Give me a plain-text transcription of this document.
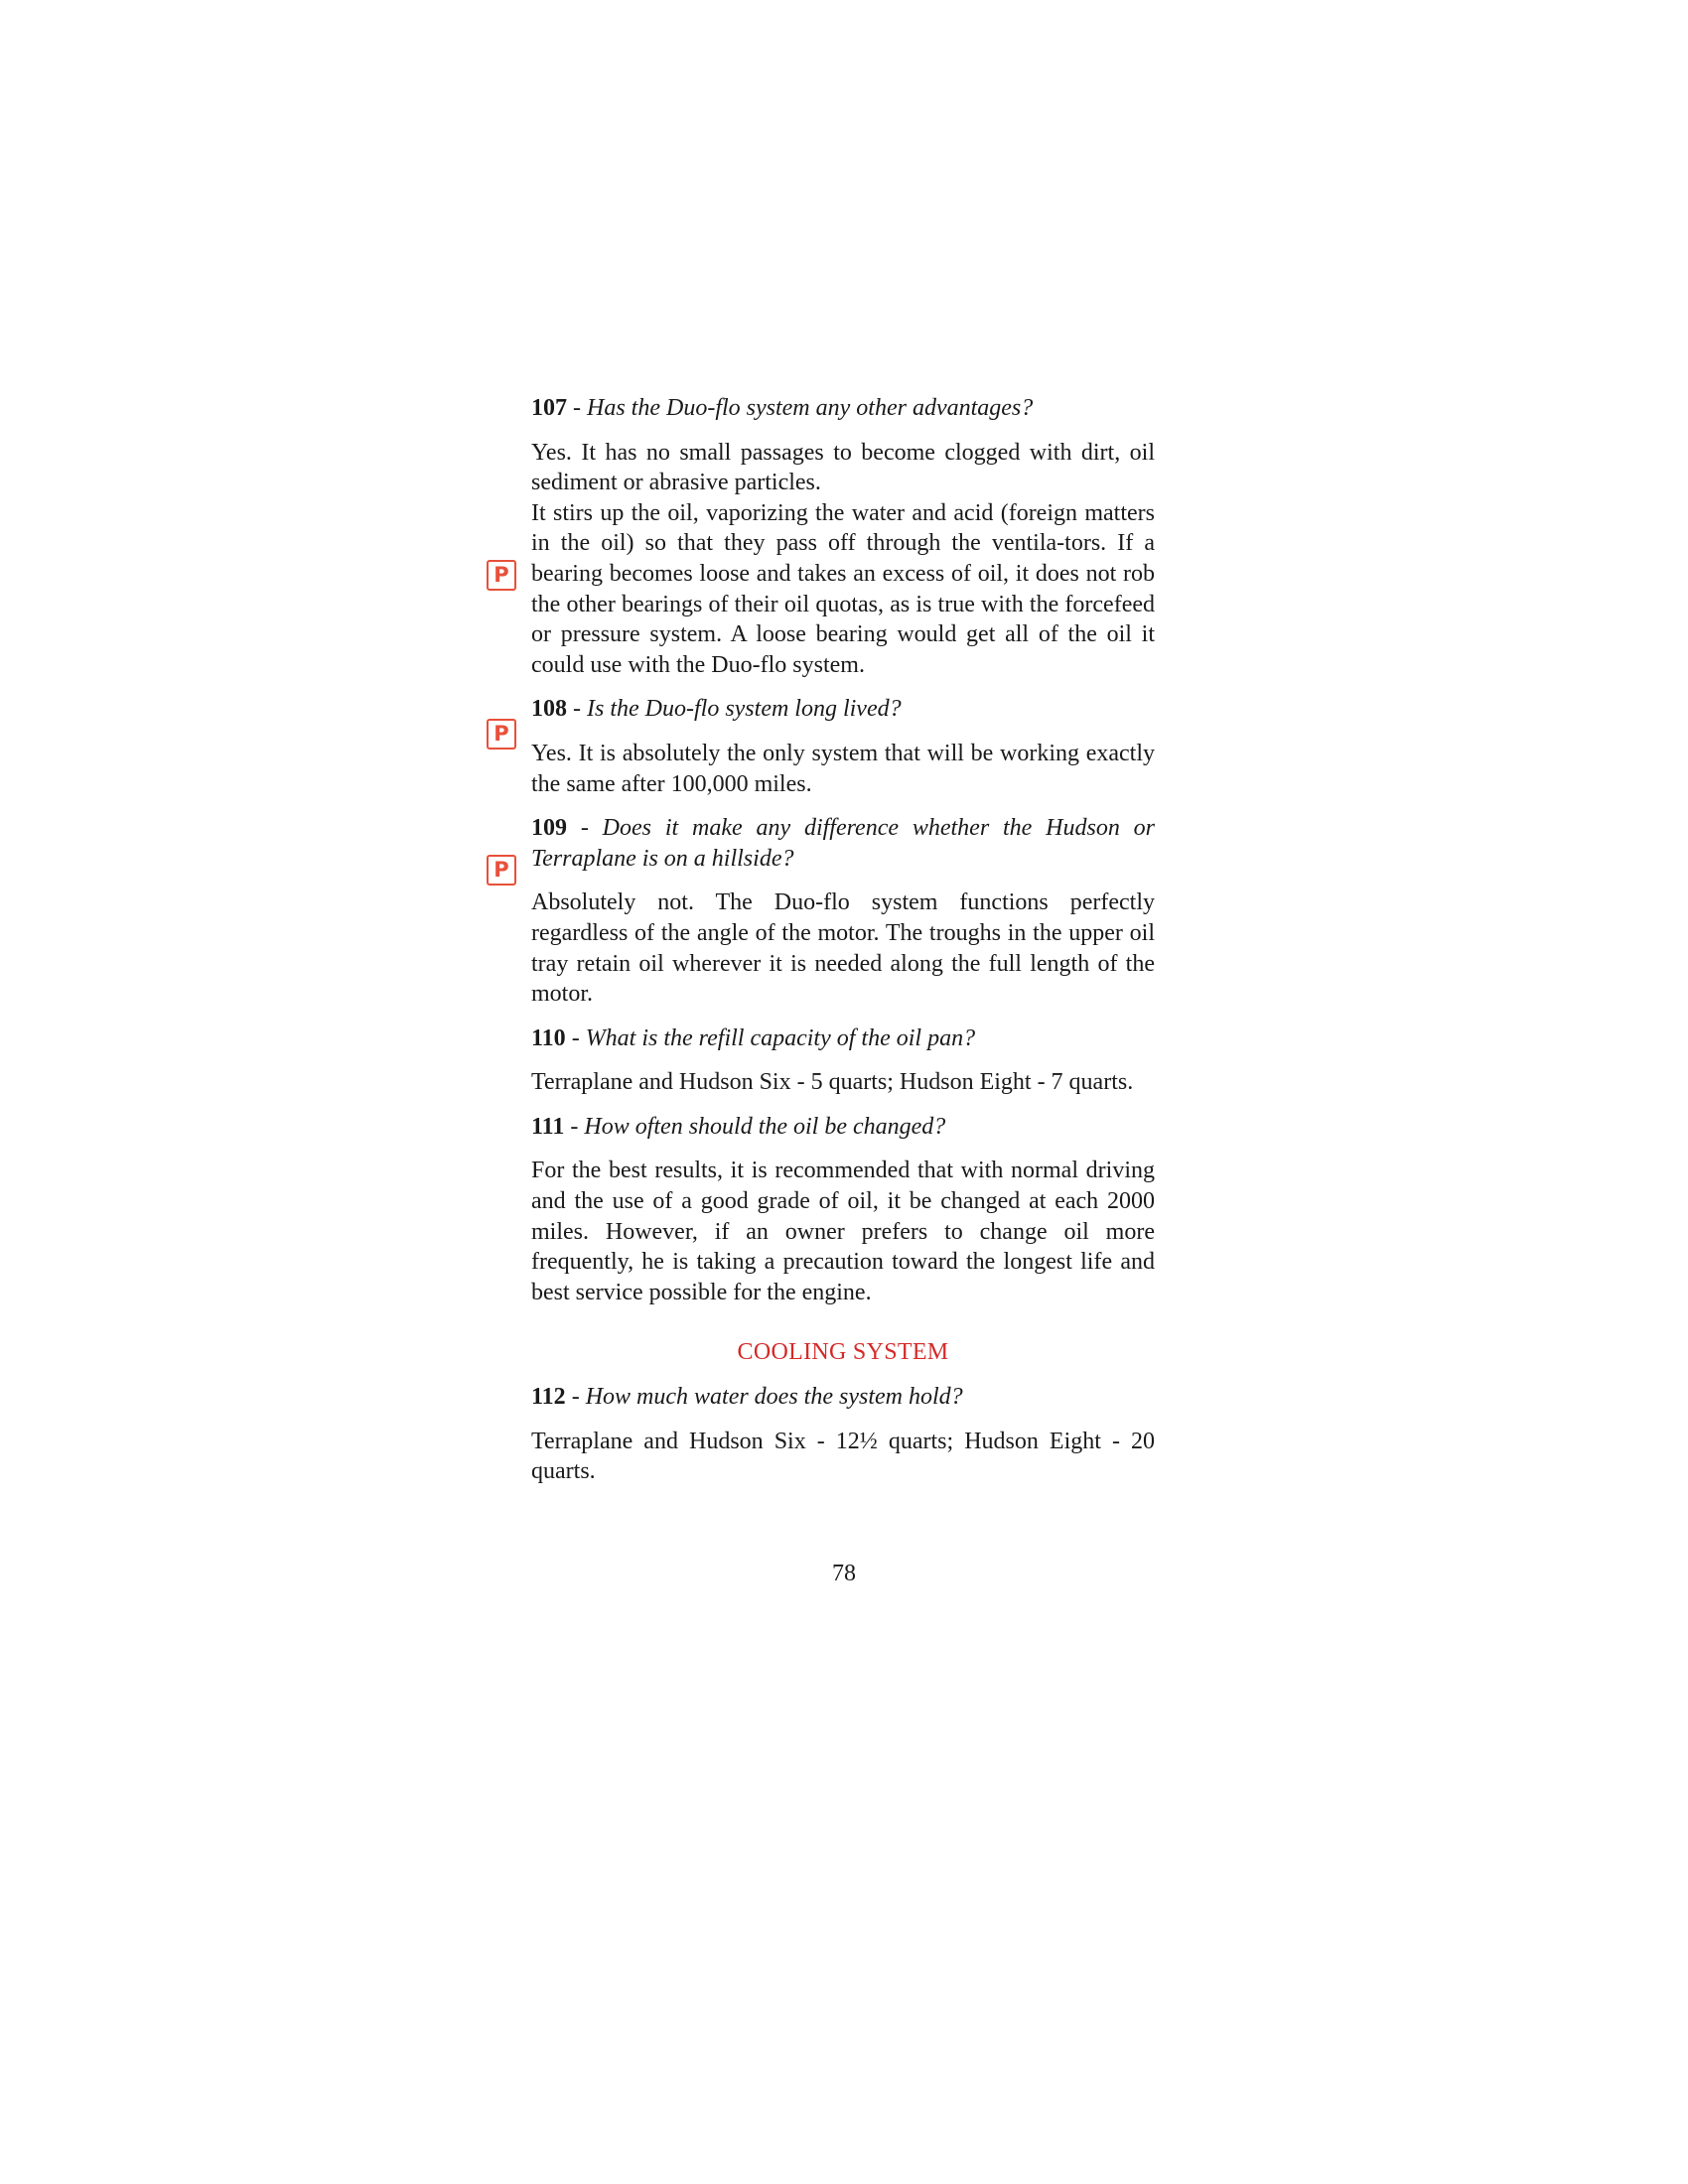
107 - Has the Duo-flo system any other advantages?

Yes. It has no small passages to become clogged with dirt, oil sediment or abrasive particles.
It stirs up the oil, vaporizing the water and acid (foreign matters in the oil) so that they pass off through the ventila-tors. If a bearing becomes loose and takes an excess of oil, it does not rob the other bearings of their oil quotas, as is true with the forcefeed or pressure system. A loose bearing would get all of the oil it could use with the Duo-flo system.

108 - Is the Duo-flo system long lived?

Yes. It is absolutely the only system that will be working exactly the same after 100,000 miles.

109 - Does it make any difference whether the Hudson or Terraplane is on a hillside?

Absolutely not. The Duo-flo system functions perfectly regardless of the angle of the motor. The troughs in the upper oil tray retain oil wherever it is needed along the full length of the motor.

110 - What is the refill capacity of the oil pan?

Terraplane and Hudson Six - 5 quarts; Hudson Eight - 7 quarts.

111 - How often should the oil be changed?

For the best results, it is recommended that with normal driving and the use of a good grade of oil, it be changed at each 2000 miles. However, if an owner prefers to change oil more frequently, he is taking a precaution toward the longest life and best service possible for the engine.
COOLING SYSTEM

112 - How much water does the system hold?

Terraplane and Hudson Six - 12½ quarts; Hudson Eight - 20 quarts.
P
P
P
78
